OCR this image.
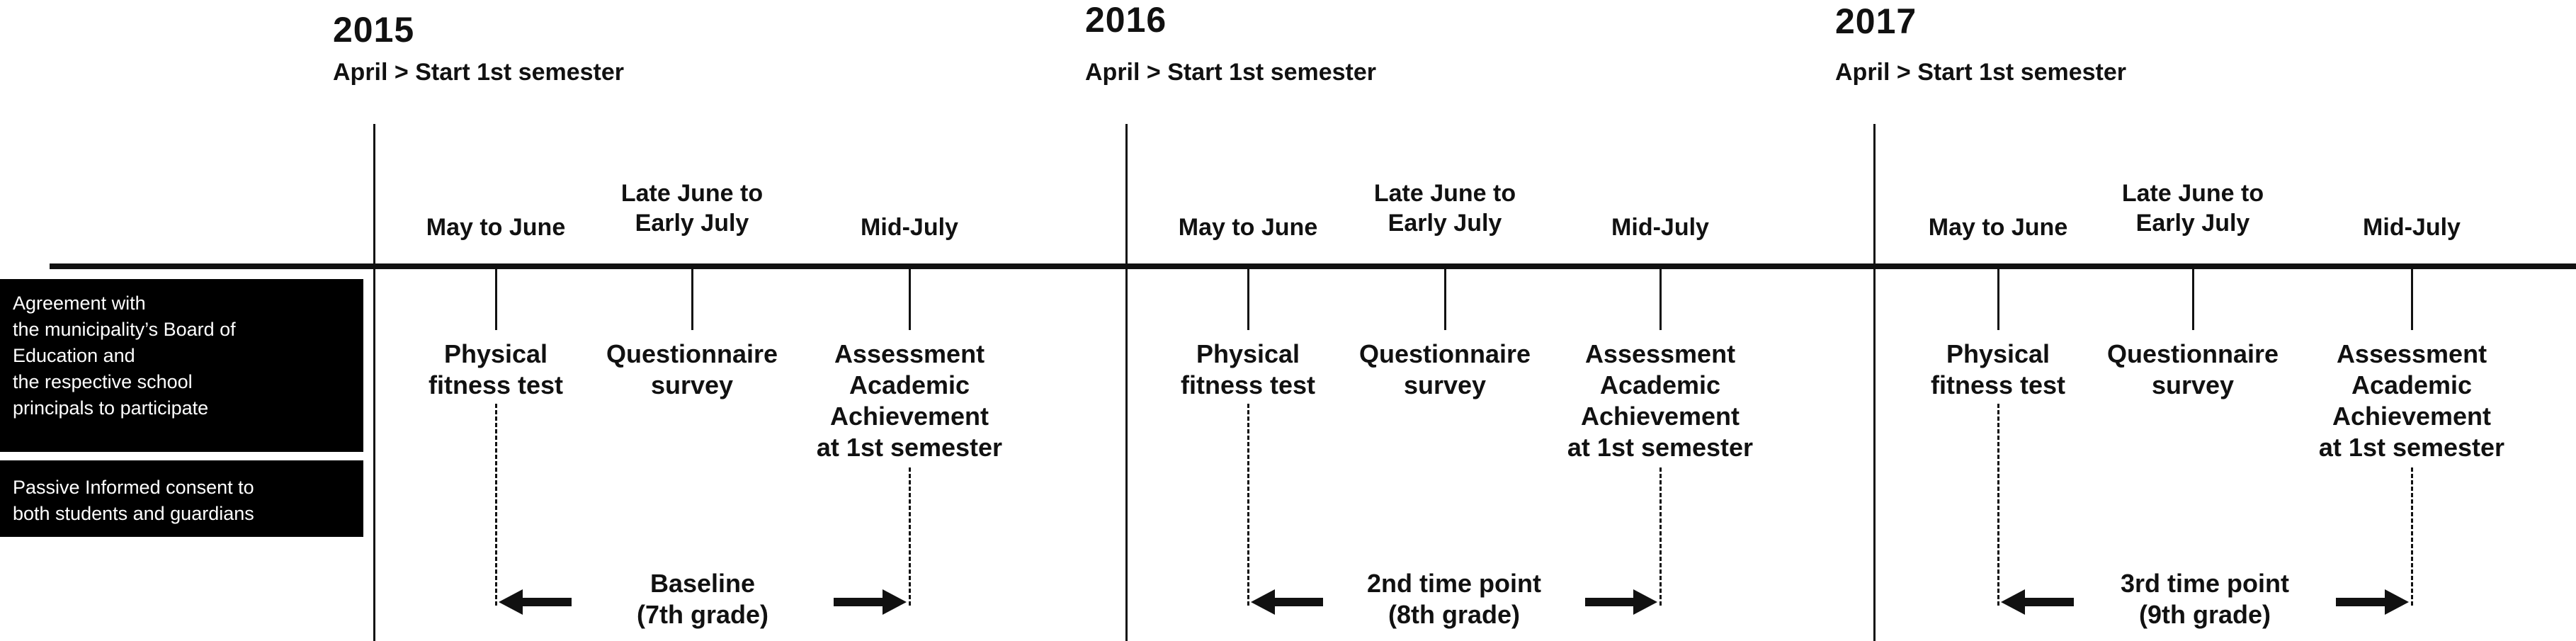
2015
April > Start 1st semester
2016
April > Start 1st semester
2017
April > Start 1st semester
Agreement with
the municipality’s Board of
Education and
the respective school
principals to participate
Passive Informed consent to
both students and guardians
May to June
Physical
fitness test
Late June to
Early July
Questionnaire
survey
Mid-July
Assessment
Academic
Achievement
at 1st semester
Baseline
(7th grade)
May to June
Physical
fitness test
Late June to
Early July
Questionnaire
survey
Mid-July
Assessment
Academic
Achievement
at 1st semester
2nd time point
(8th grade)
May to June
Physical
fitness test
Late June to
Early July
Questionnaire
survey
Mid-July
Assessment
Academic
Achievement
at 1st semester
3rd time point
(9th grade)
